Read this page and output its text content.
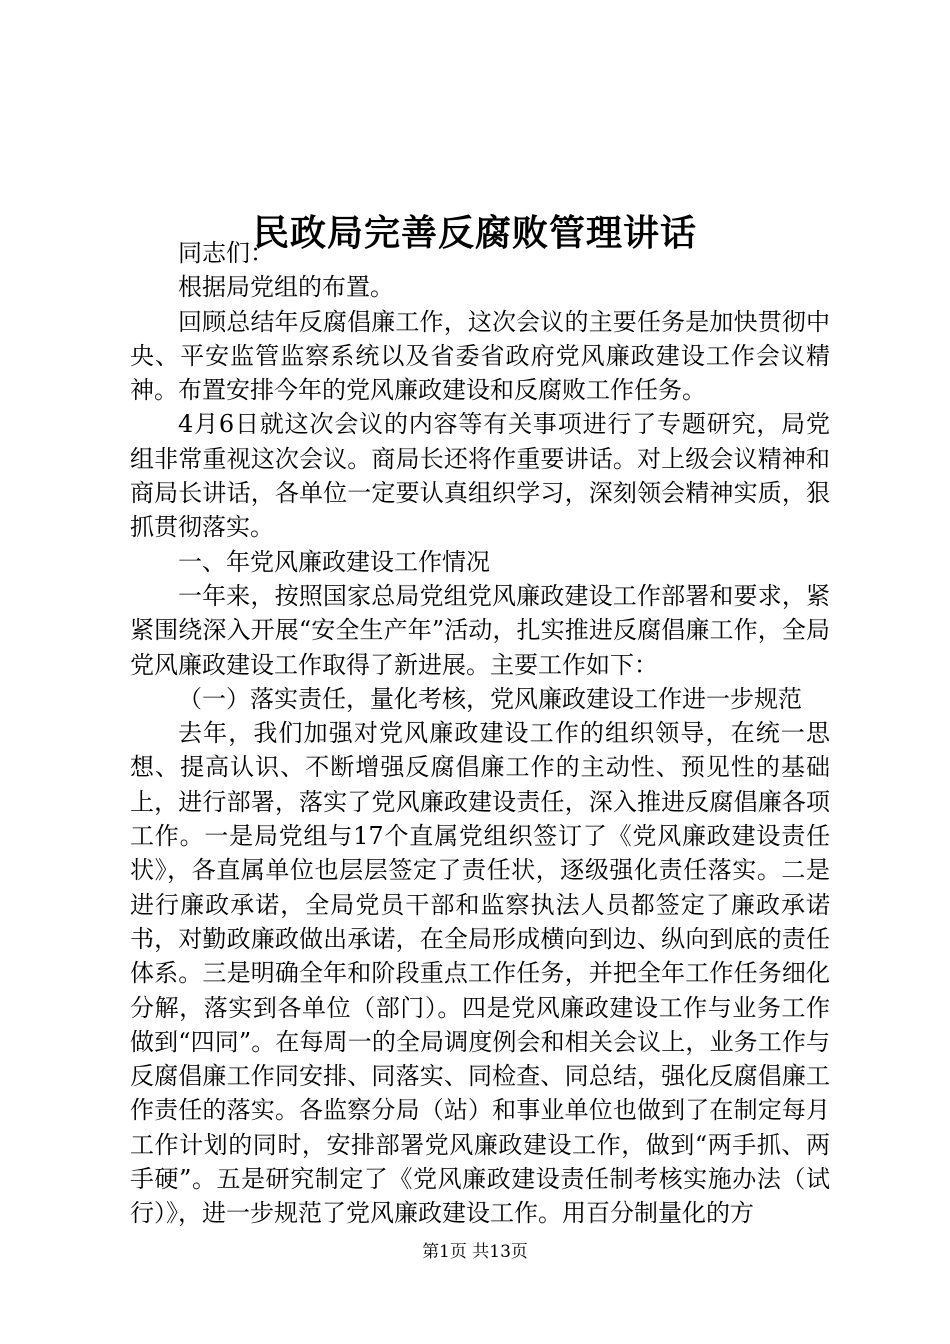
民政局完善反腐败管理讲话

同志们：

根据局党组的布置。

回顾总结年反腐倡廉工作，这次会议的主要任务是加快贯彻中央、平安监管监察系统以及省委省政府党风廉政建设工作会议精神。布置安排今年的党风廉政建设和反腐败工作任务。

4月6日就这次会议的内容等有关事项进行了专题研究，局党组非常重视这次会议。商局长还将作重要讲话。对上级会议精神和商局长讲话，各单位一定要认真组织学习，深刻领会精神实质，狠抓贯彻落实。

一、年党风廉政建设工作情况

一年来，按照国家总局党组党风廉政建设工作部署和要求，紧紧围绕深入开展“安全生产年”活动，扎实推进反腐倡廉工作，全局党风廉政建设工作取得了新进展。主要工作如下：

（一）落实责任，量化考核，党风廉政建设工作进一步规范

去年，我们加强对党风廉政建设工作的组织领导，在统一思想、提高认识、不断增强反腐倡廉工作的主动性、预见性的基础上，进行部署，落实了党风廉政建设责任，深入推进反腐倡廉各项工作。一是局党组与17个直属党组织签订了《党风廉政建设责任状》，各直属单位也层层签定了责任状，逐级强化责任落实。二是进行廉政承诺，全局党员干部和监察执法人员都签定了廉政承诺书，对勤政廉政做出承诺，在全局形成横向到边、纵向到底的责任体系。三是明确全年和阶段重点工作任务，并把全年工作任务细化分解，落实到各单位（部门）。四是党风廉政建设工作与业务工作做到“四同”。在每周一的全局调度例会和相关会议上，业务工作与反腐倡廉工作同安排、同落实、同检查、同总结，强化反腐倡廉工作责任的落实。各监察分局（站）和事业单位也做到了在制定每月工作计划的同时，安排部署党风廉政建设工作，做到“两手抓、两手硬”。五是研究制定了《党风廉政建设责任制考核实施办法（试行）》，进一步规范了党风廉政建设工作。用百分制量化的方

第1页 共13页
